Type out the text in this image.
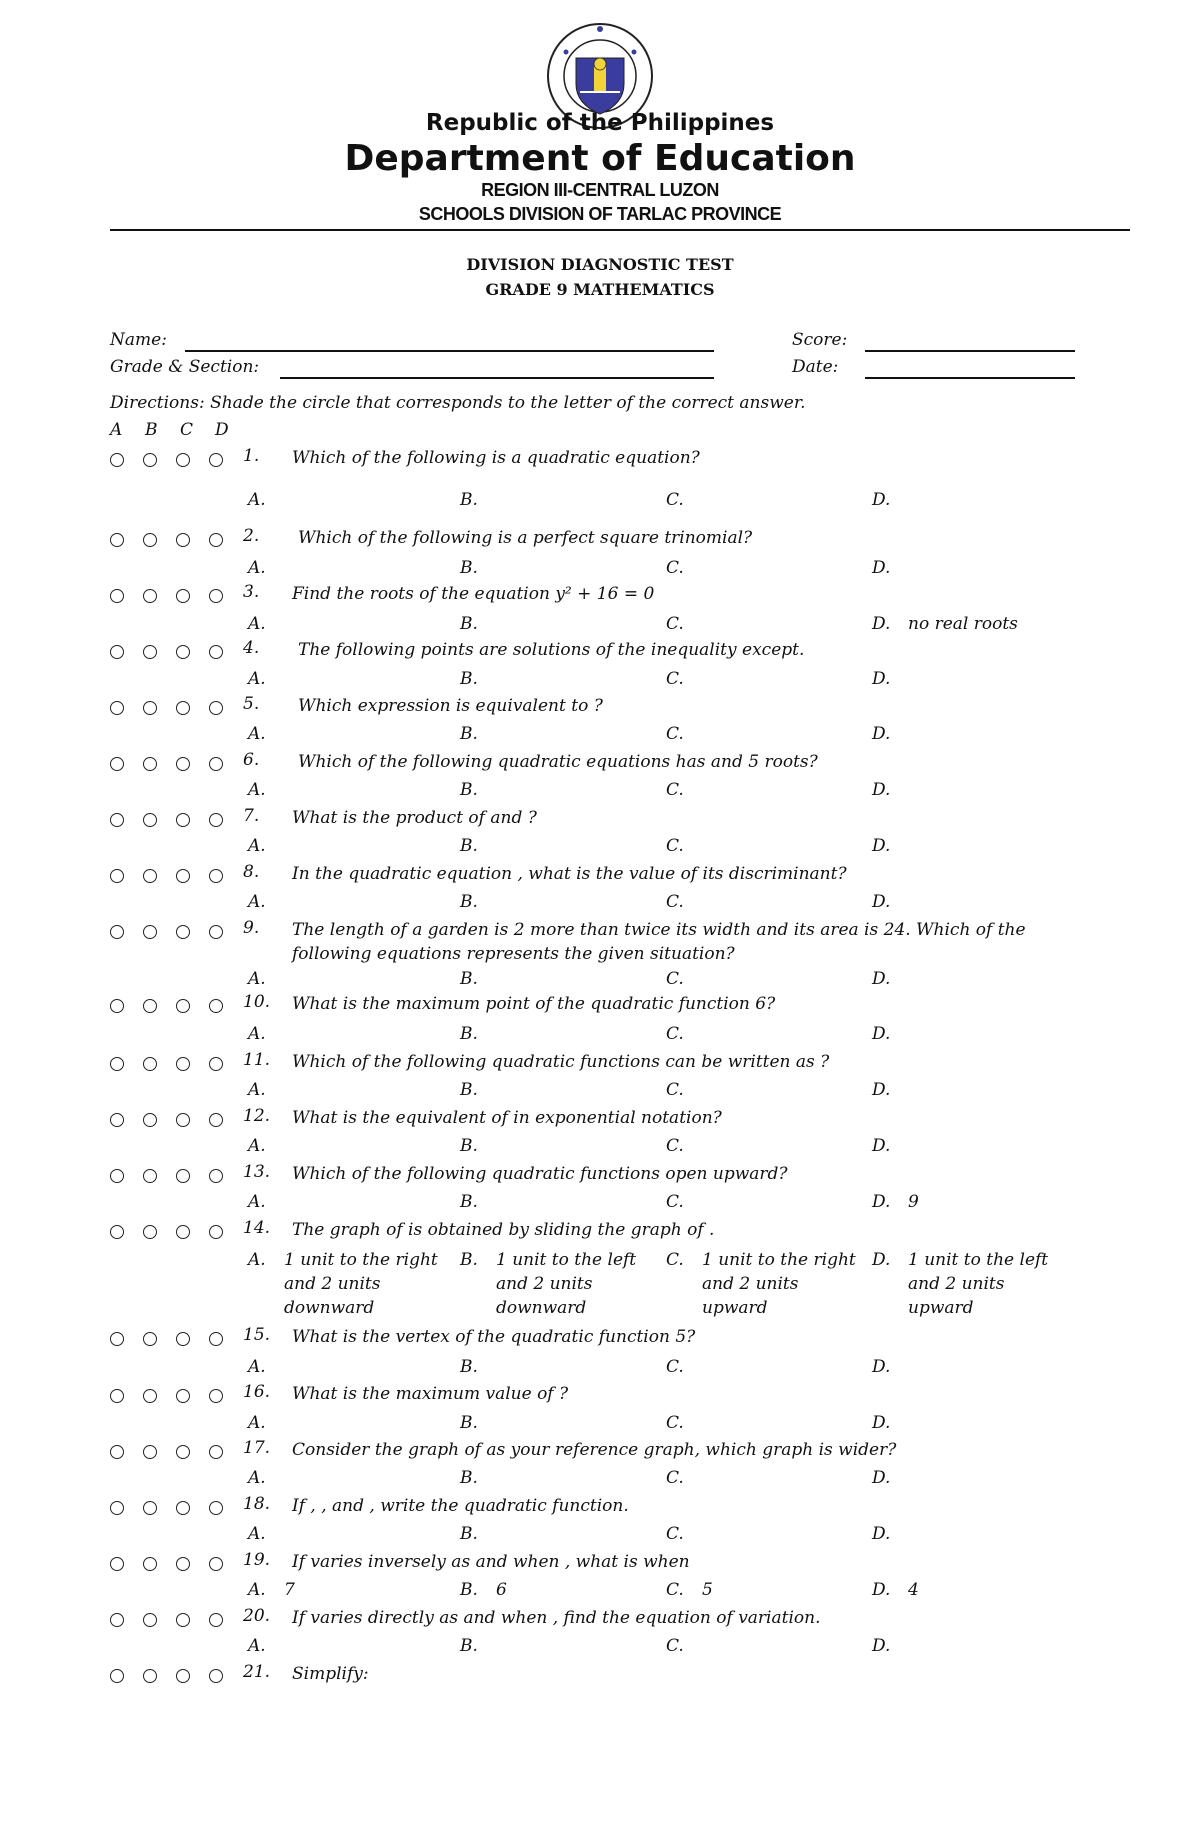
Republic of the Philippines
Department of Education
REGION III-CENTRAL LUZON
SCHOOLS DIVISION OF TARLAC PROVINCE
DIVISION DIAGNOSTIC TEST
GRADE 9 MATHEMATICS
Name:	Score:
Grade & Section:	Date:
Directions: Shade the circle that corresponds to the letter of the correct answer.
A B C D
1. Which of the following is a quadratic equation?
A.	B.	C.	D.
2. Which of the following is a perfect square trinomial?
A.	B.	C.	D.
3. Find the roots of the equation y² + 16 = 0
A.	B.	C.	D. no real roots
4. The following points are solutions of the inequality except.
A.	B.	C.	D.
5. Which expression is equivalent to ?
A.	B.	C.	D.
6. Which of the following quadratic equations has and 5 roots?
A.	B.	C.	D.
7. What is the product of and ?
A.	B.	C.	D.
8. In the quadratic equation , what is the value of its discriminant?
A.	B.	C.	D.
9. The length of a garden is 2 more than twice its width and its area is 24. Which of the following equations represents the given situation?
A.	B.	C.	D.
10. What is the maximum point of the quadratic function 6?
A.	B.	C.	D.
11. Which of the following quadratic functions can be written as ?
A.	B.	C.	D.
12. What is the equivalent of in exponential notation?
A.	B.	C.	D.
13. Which of the following quadratic functions open upward?
A.	B.	C.	D. 9
14. The graph of is obtained by sliding the graph of .
A. 1 unit to the right and 2 units downward
B. 1 unit to the left and 2 units downward
C. 1 unit to the right and 2 units upward
D. 1 unit to the left and 2 units upward
15. What is the vertex of the quadratic function 5?
A.	B.	C.	D.
16. What is the maximum value of ?
A.	B.	C.	D.
17. Consider the graph of as your reference graph, which graph is wider?
A.	B.	C.	D.
18. If , , and , write the quadratic function.
A.	B.	C.	D.
19. If varies inversely as and when , what is when
A. 7	B. 6	C. 5	D. 4
20. If varies directly as and when , find the equation of variation.
A.	B.	C.	D.
21. Simplify:
